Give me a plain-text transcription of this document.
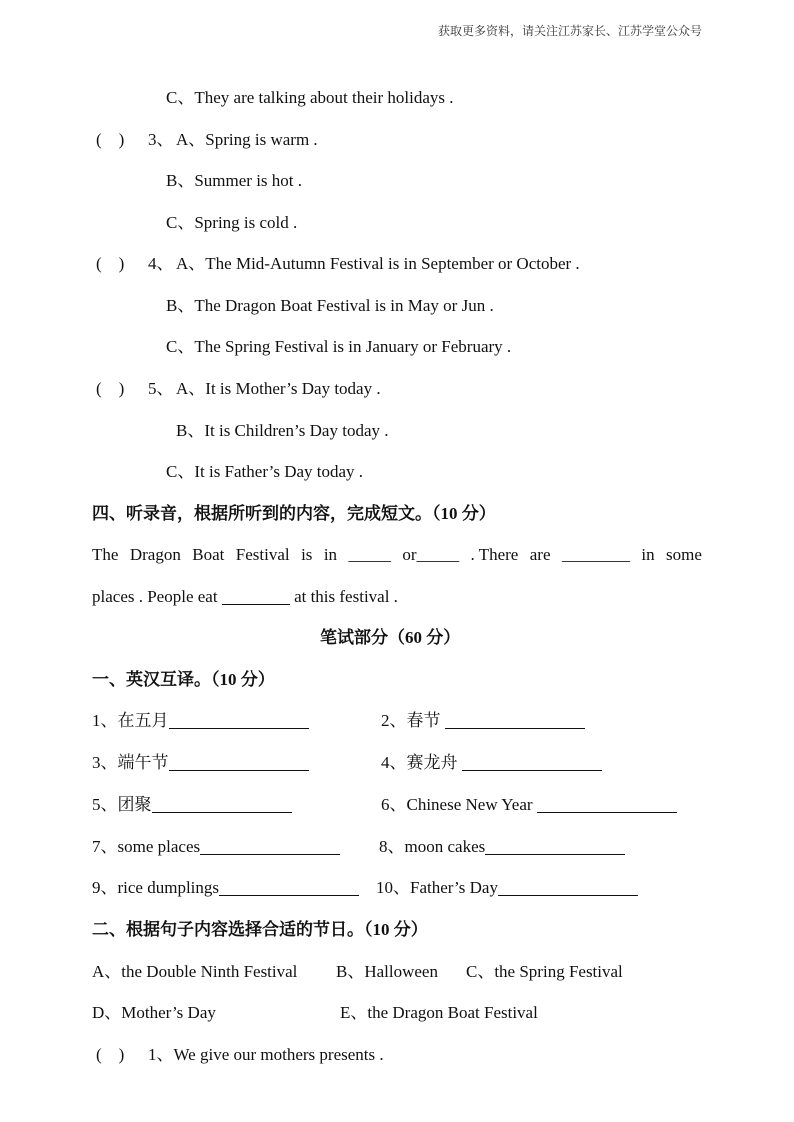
获取更多资料，请关注江苏家长、江苏学堂公众号
C、They are talking about their holidays .
(    ) 3、 A、Spring is warm .
B、Summer is hot .
C、Spring is cold .
(    ) 4、 A、The Mid-Autumn Festival is in September or October .
B、The Dragon Boat Festival is in May or Jun .
C、The Spring Festival is in January or February .
(    ) 5、 A、It is Mother’s Day today .
B、It is Children’s Day today .
C、It is Father’s Day today .
四、听录音，根据所听到的内容，完成短文。（10 分）
The Dragon Boat Festival is in _____ or_____ . There are ________ in some
places . People eat	at this festival .
笔试部分（60 分）
一、英汉互译。（10 分）
1、在五月	2、春节
3、端午节	4、赛龙舟
5、团聚	6、Chinese New Year
7、some places	8、moon cakes
9、rice dumplings	10、Father’s Day
二、根据句子内容选择合适的节日。（10 分）
A、the Double Ninth Festival B、Halloween C、the Spring Festival
D、Mother’s Day	E、the Dragon Boat Festival
(    ) 1、We give our mothers presents .
